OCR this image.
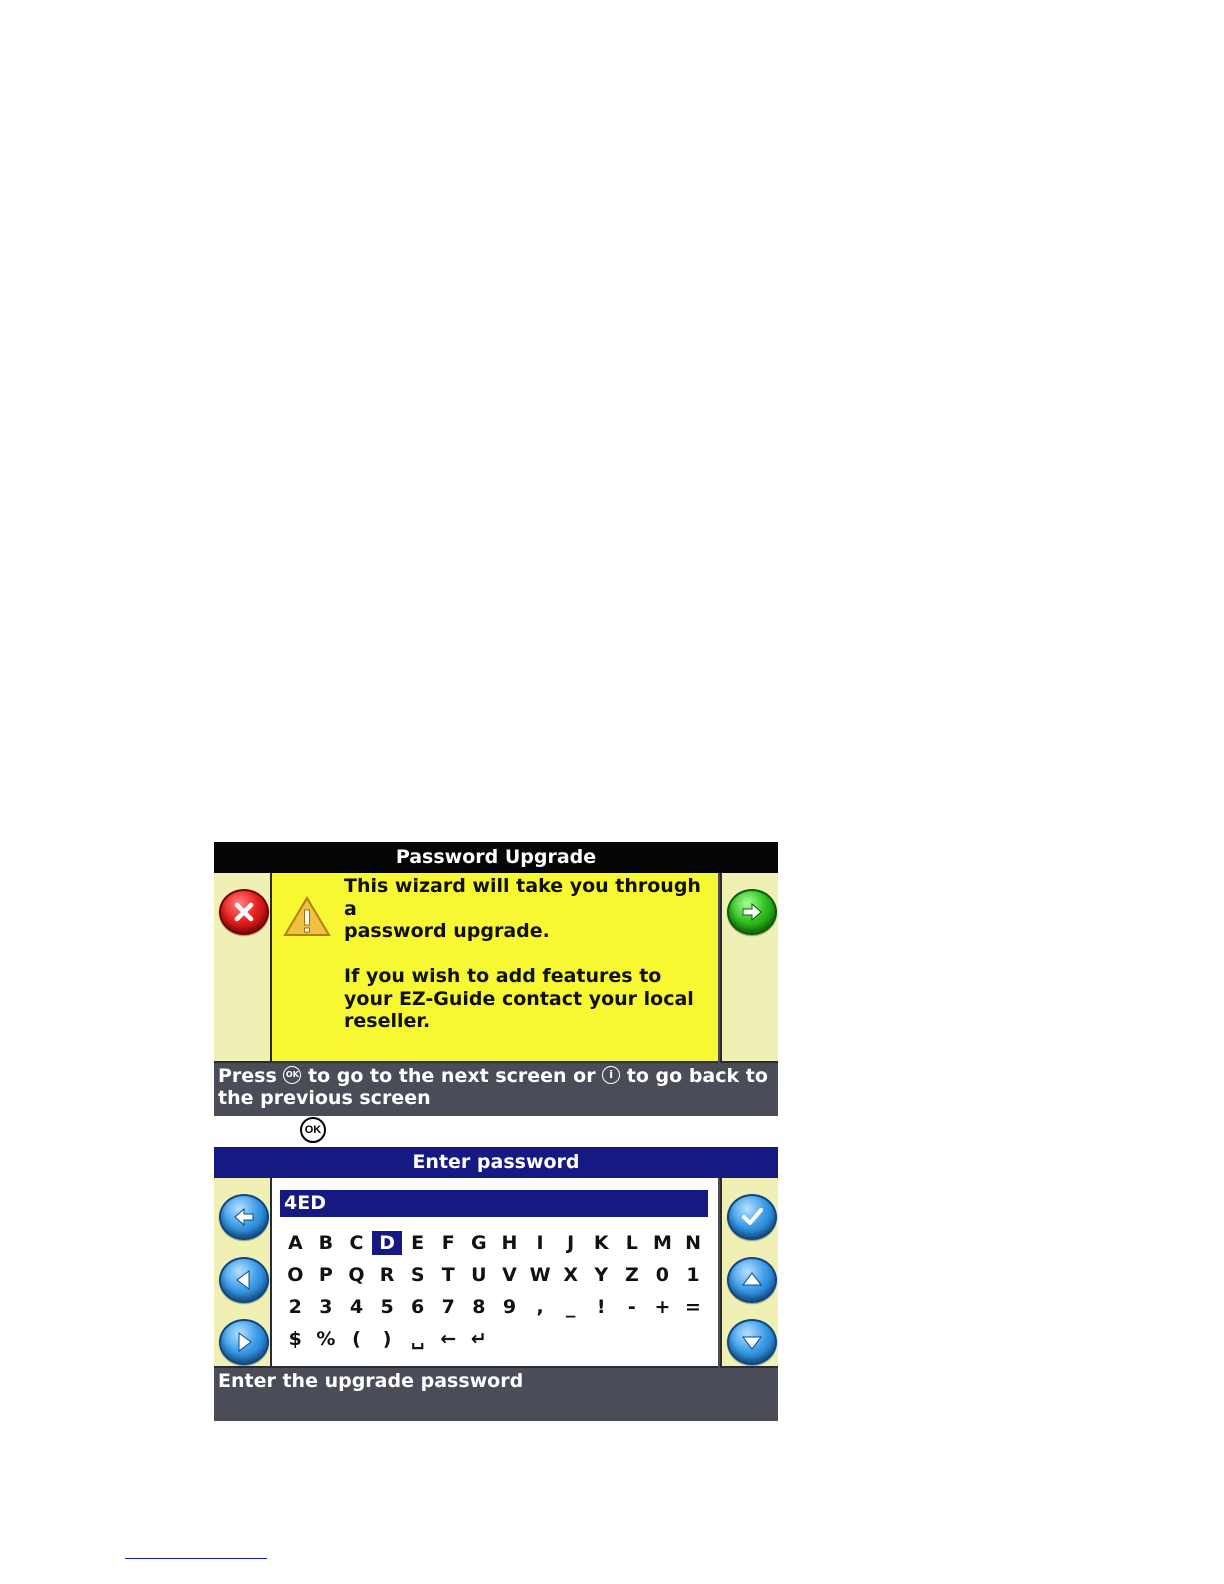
Password Upgrade
This wizard will take you through a
password upgrade.

If you wish to add features to
your EZ-Guide contact your local
reseller.
Press OK to go to the next screen or i to go back to the previous screen
OK
Enter password
4ED
A B C D E F G H	I	J	K L M N
O P Q R S T U V W X Y Z 0 1
2 3 4 5 6 7 8 9	,	_	!	- + =
$ % (	)	␣ ← ↵
Enter the upgrade password
